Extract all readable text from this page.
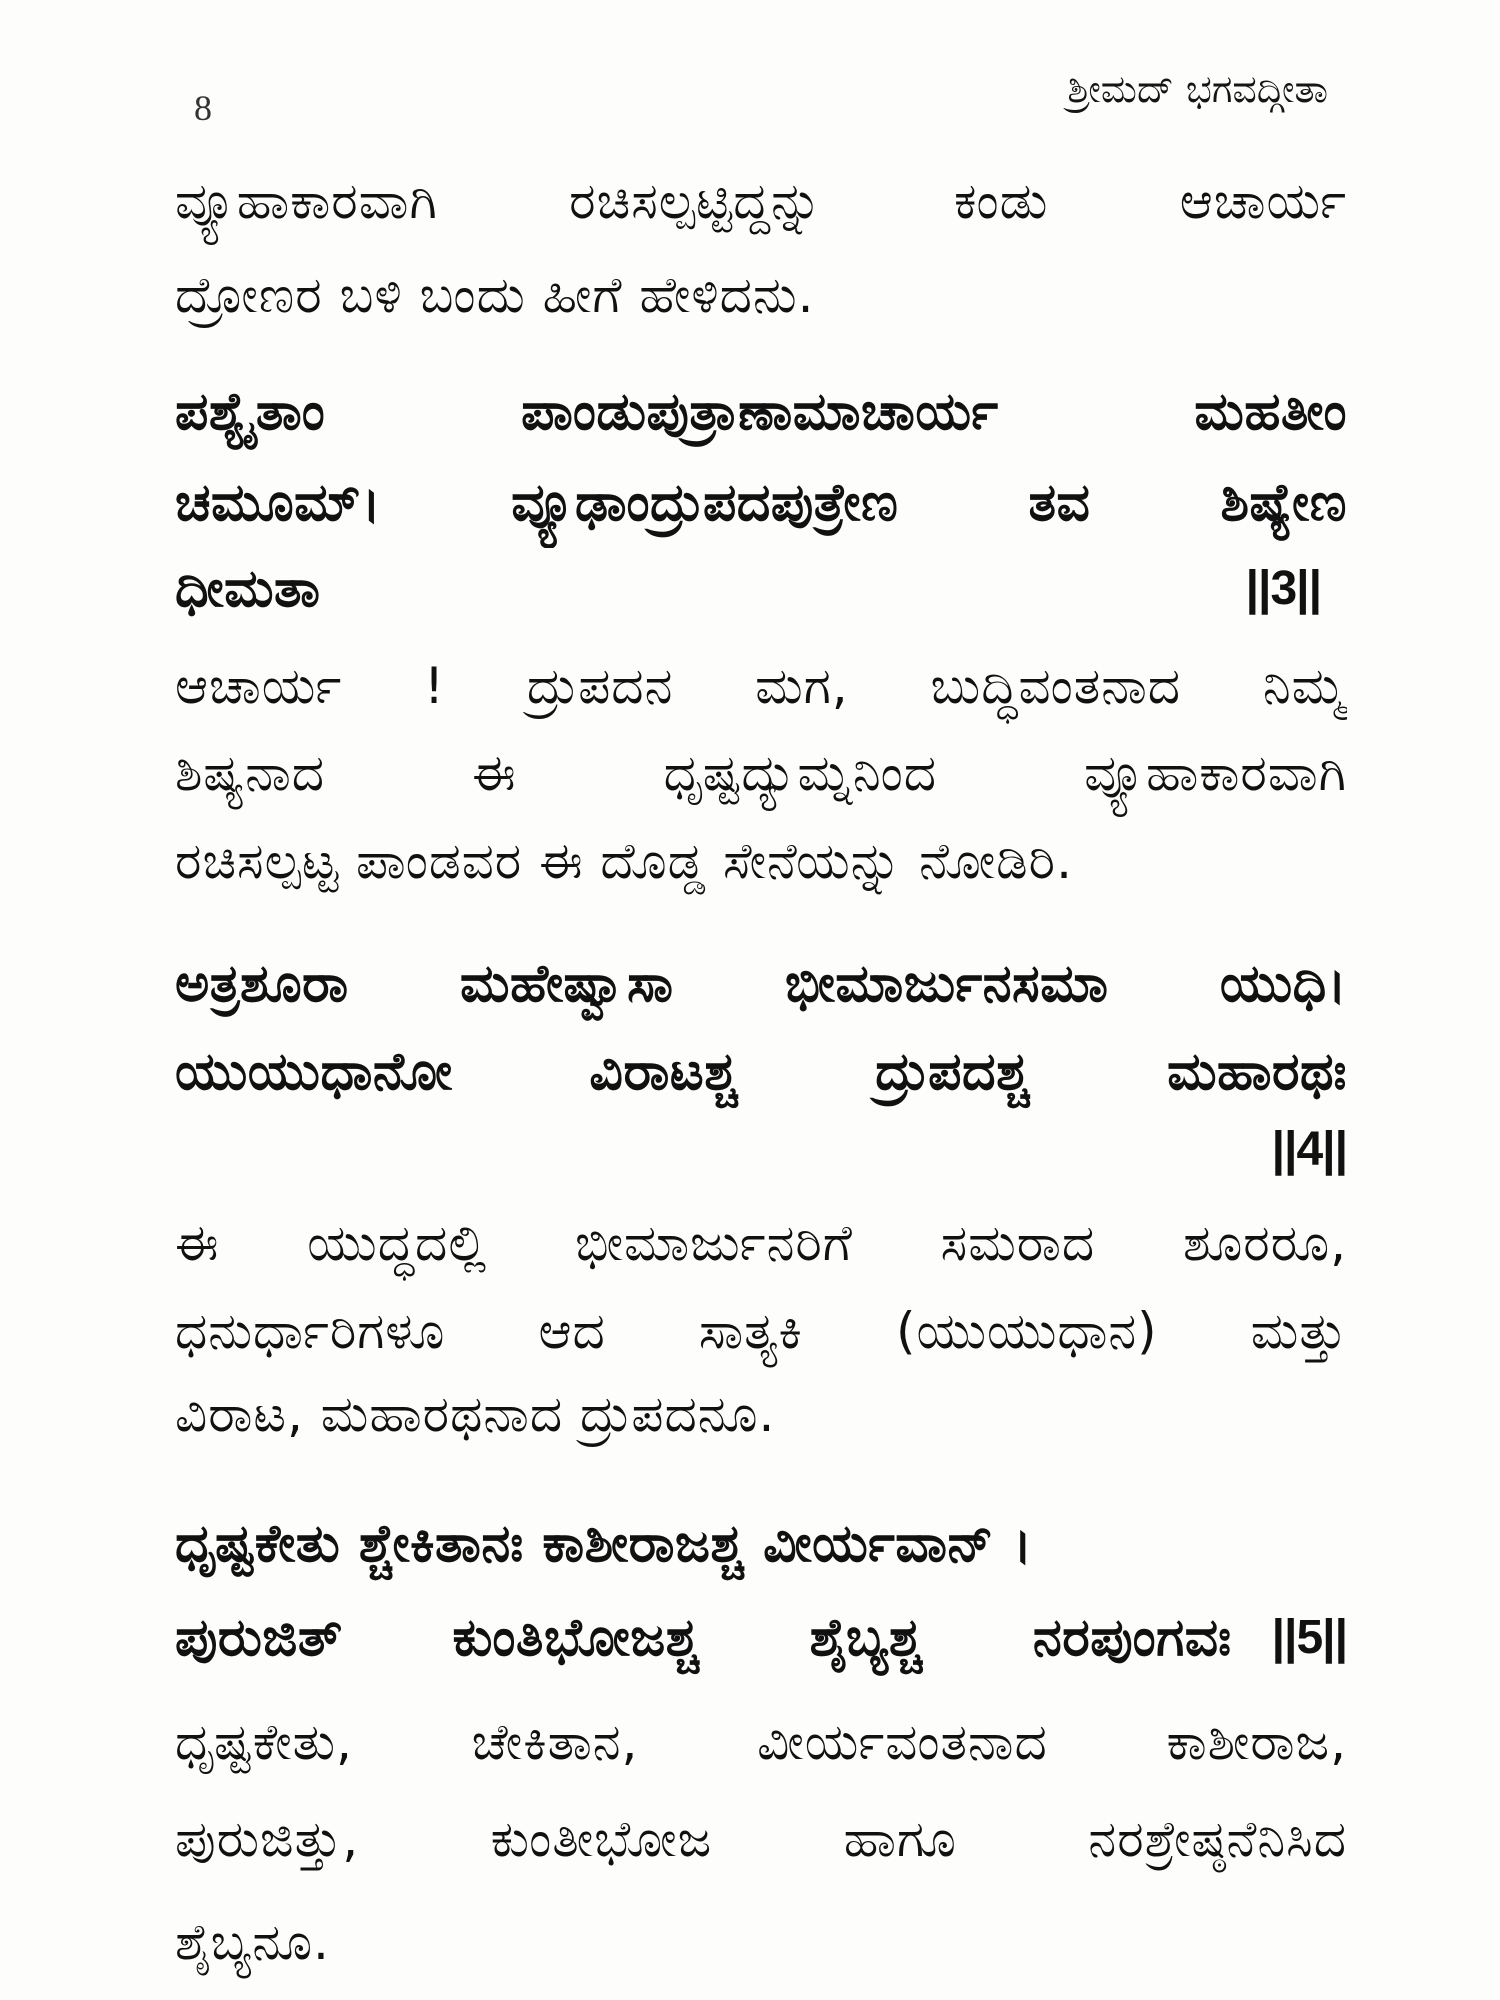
8	ಶ್ರೀಮದ್ ಭಗವದ್ಗೀತಾ
ವ್ಯೂಹಾಕಾರವಾಗಿ ರಚಿಸಲ್ಪಟ್ಟಿದ್ದನ್ನು ಕಂಡು ಆಚಾರ್ಯ
ದ್ರೋಣರ ಬಳಿ ಬಂದು ಹೀಗೆ ಹೇಳಿದನು.
ಪಶ್ಯೈತಾಂ ಪಾಂಡುಪುತ್ರಾಣಾಮಾಚಾರ್ಯ ಮಹತೀಂ
ಚಮೂಮ್। ವ್ಯೂಢಾಂದ್ರುಪದಪುತ್ರೇಣ ತವ ಶಿಷ್ಯೇಣ
ಧೀಮತಾ	||3||
ಆಚಾರ್ಯ ! ದ್ರುಪದನ ಮಗ, ಬುದ್ಧಿವಂತನಾದ ನಿಮ್ಮ
ಶಿಷ್ಯನಾದ ಈ ಧೃಷ್ಟದ್ಯುಮ್ನನಿಂದ ವ್ಯೂಹಾಕಾರವಾಗಿ
ರಚಿಸಲ್ಪಟ್ಟ ಪಾಂಡವರ ಈ ದೊಡ್ಡ ಸೇನೆಯನ್ನು ನೋಡಿರಿ.
ಅತ್ರಶೂರಾ ಮಹೇಷ್ವಾಸಾ ಭೀಮಾರ್ಜುನಸಮಾ ಯುಧಿ।
ಯುಯುಧಾನೋ ವಿರಾಟಶ್ಚ ದ್ರುಪದಶ್ಚ ಮಹಾರಥಃ
||4||
ಈ ಯುದ್ಧದಲ್ಲಿ ಭೀಮಾರ್ಜುನರಿಗೆ ಸಮರಾದ ಶೂರರೂ,
ಧನುರ್ಧಾರಿಗಳೂ ಆದ ಸಾತ್ಯಕಿ (ಯುಯುಧಾನ) ಮತ್ತು
ವಿರಾಟ, ಮಹಾರಥನಾದ ದ್ರುಪದನೂ.
ಧೃಷ್ಟಕೇತು ಶ್ಚೇಕಿತಾನಃ ಕಾಶೀರಾಜಶ್ಚ ವೀರ್ಯವಾನ್ ।
ಪುರುಜಿತ್ ಕುಂತಿಭೋಜಶ್ಚ ಶೈಬ್ಯಶ್ಚ ನರಪುಂಗವಃ ||5||
ಧೃಷ್ಟಕೇತು, ಚೇಕಿತಾನ, ವೀರ್ಯವಂತನಾದ ಕಾಶೀರಾಜ,
ಪುರುಜಿತ್ತು, ಕುಂತೀಭೋಜ ಹಾಗೂ ನರಶ್ರೇಷ್ಠನೆನಿಸಿದ
ಶೈಬ್ಯನೂ.
